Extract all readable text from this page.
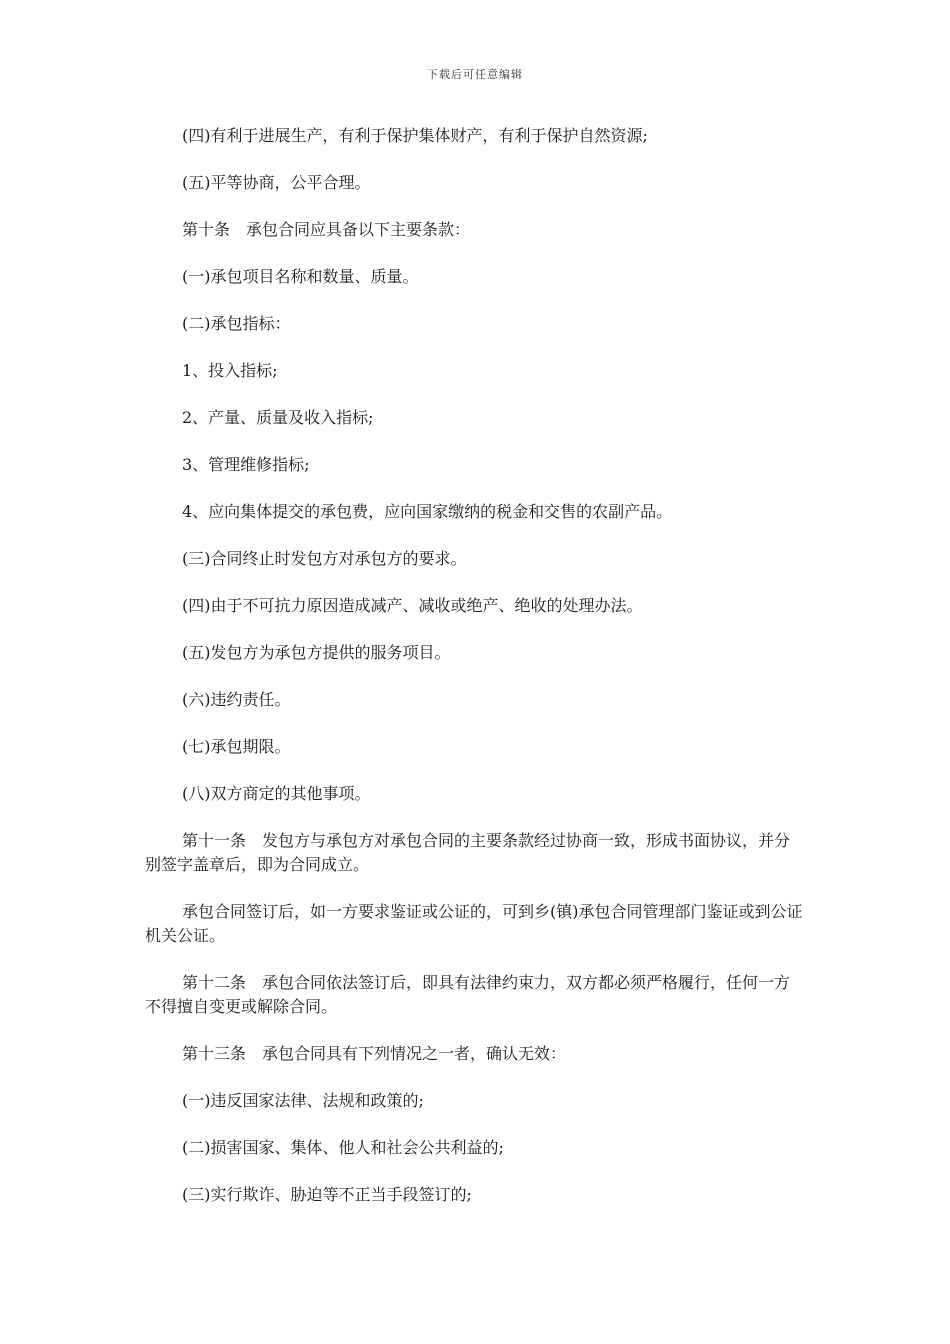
下载后可任意编辑

(四)有利于进展生产，有利于保护集体财产，有利于保护自然资源;

(五)平等协商，公平合理。

第十条　承包合同应具备以下主要条款：

(一)承包项目名称和数量、质量。

(二)承包指标：

1、投入指标;

2、产量、质量及收入指标;

3、管理维修指标;

4、应向集体提交的承包费，应向国家缴纳的税金和交售的农副产品。

(三)合同终止时发包方对承包方的要求。

(四)由于不可抗力原因造成减产、减收或绝产、绝收的处理办法。

(五)发包方为承包方提供的服务项目。

(六)违约责任。

(七)承包期限。

(八)双方商定的其他事项。

第十一条　发包方与承包方对承包合同的主要条款经过协商一致，形成书面协议，并分别签字盖章后，即为合同成立。

承包合同签订后，如一方要求鉴证或公证的，可到乡(镇)承包合同管理部门鉴证或到公证机关公证。

第十二条　承包合同依法签订后，即具有法律约束力，双方都必须严格履行，任何一方不得擅自变更或解除合同。

第十三条　承包合同具有下列情况之一者，确认无效：

(一)违反国家法律、法规和政策的;

(二)损害国家、集体、他人和社会公共利益的;

(三)实行欺诈、胁迫等不正当手段签订的;
